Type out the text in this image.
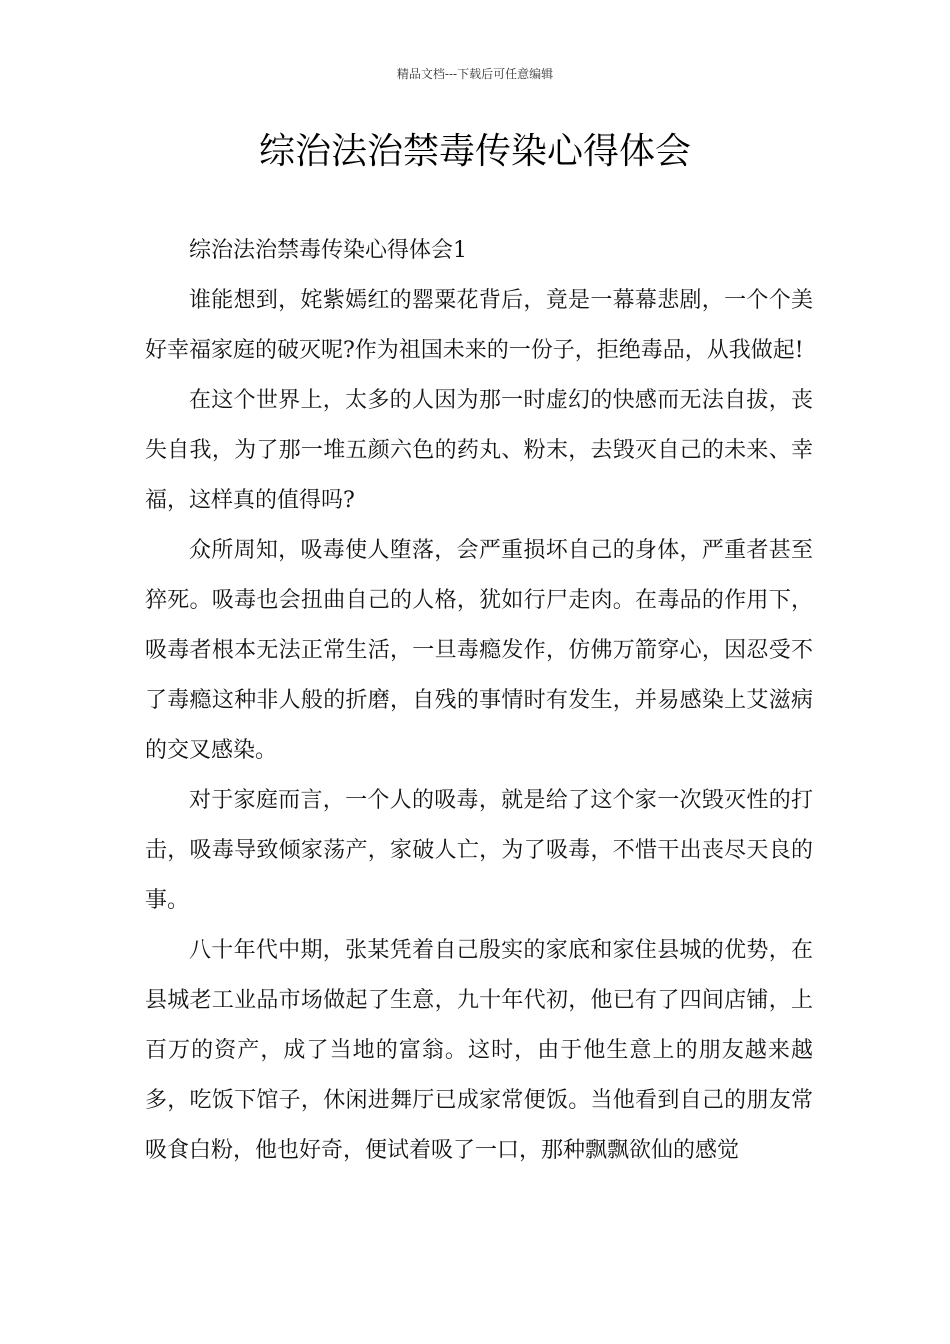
精品文档---下载后可任意编辑
综治法治禁毒传染心得体会

综治法治禁毒传染心得体会1

谁能想到，姹紫嫣红的罂粟花背后，竟是一幕幕悲剧，一个个美好幸福家庭的破灭呢?作为祖国未来的一份子，拒绝毒品，从我做起!

在这个世界上，太多的人因为那一时虚幻的快感而无法自拔，丧失自我，为了那一堆五颜六色的药丸、粉末，去毁灭自己的未来、幸福，这样真的值得吗?

众所周知，吸毒使人堕落，会严重损坏自己的身体，严重者甚至猝死。吸毒也会扭曲自己的人格，犹如行尸走肉。在毒品的作用下，吸毒者根本无法正常生活，一旦毒瘾发作，仿佛万箭穿心，因忍受不了毒瘾这种非人般的折磨，自残的事情时有发生，并易感染上艾滋病的交叉感染。

对于家庭而言，一个人的吸毒，就是给了这个家一次毁灭性的打击，吸毒导致倾家荡产，家破人亡，为了吸毒，不惜干出丧尽天良的事。

八十年代中期，张某凭着自己殷实的家底和家住县城的优势，在县城老工业品市场做起了生意，九十年代初，他已有了四间店铺，上百万的资产，成了当地的富翁。这时，由于他生意上的朋友越来越多，吃饭下馆子，休闲进舞厅已成家常便饭。当他看到自己的朋友常吸食白粉，他也好奇，便试着吸了一口，那种飘飘欲仙的感觉
